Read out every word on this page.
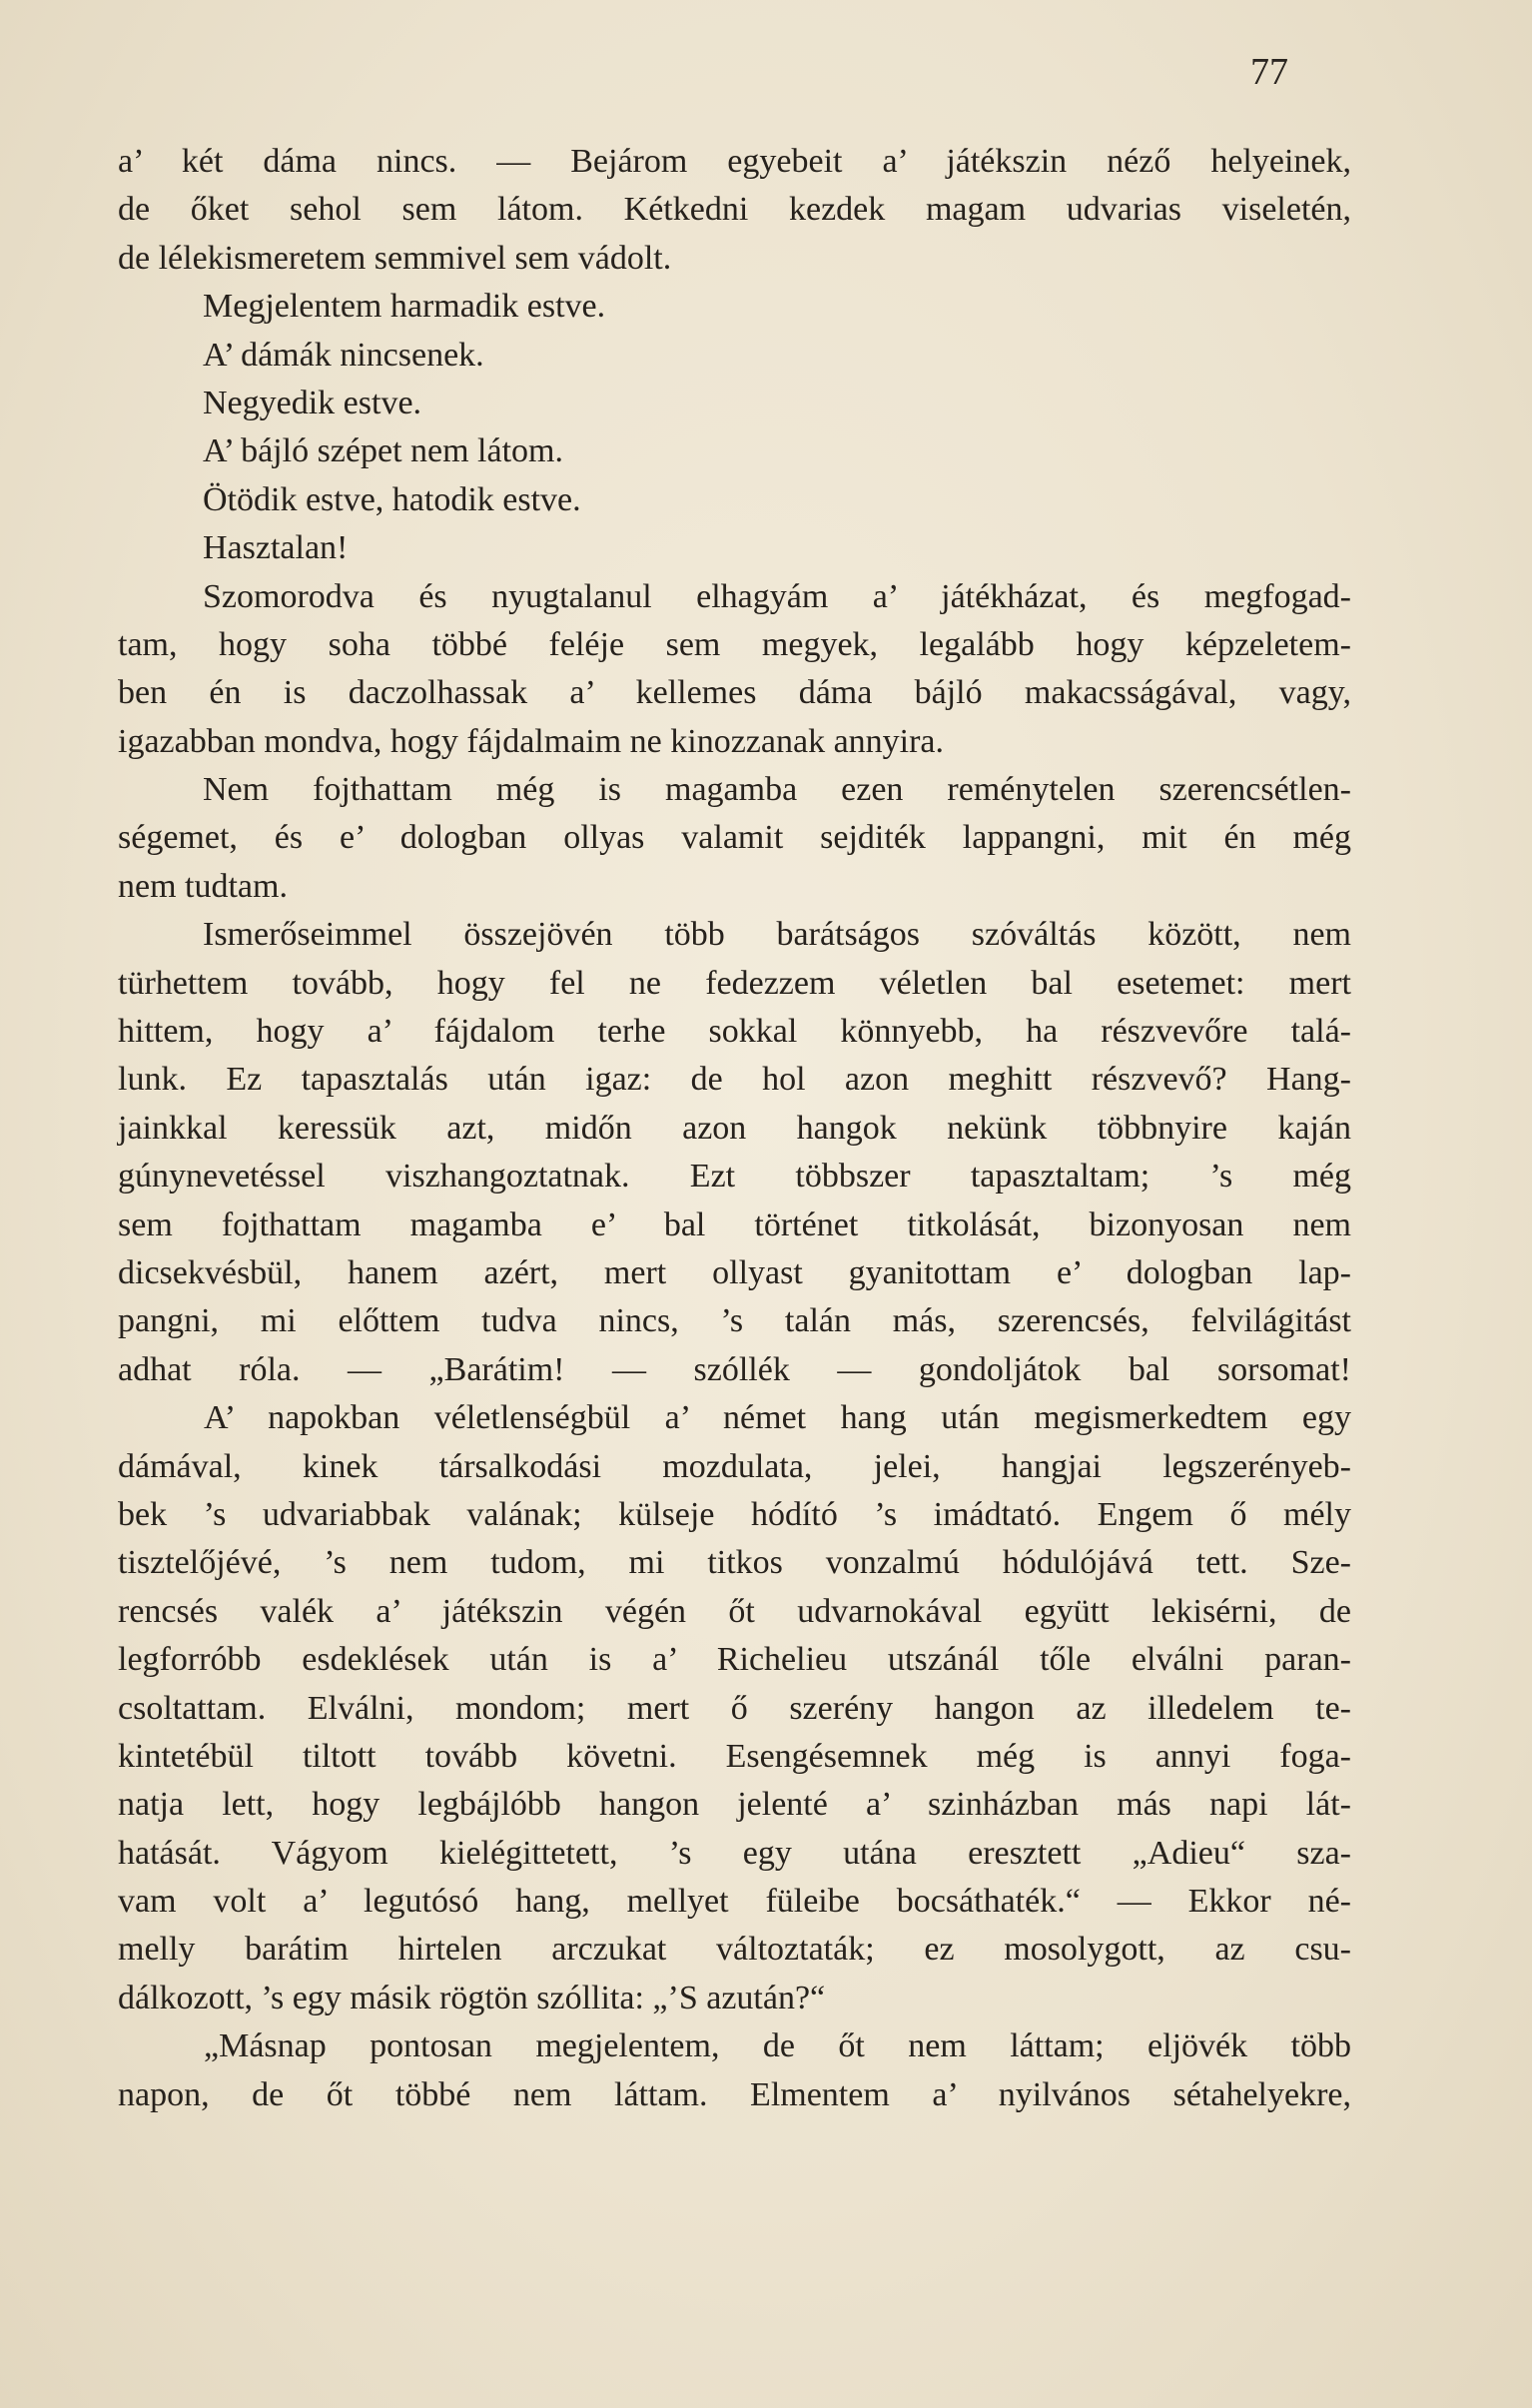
77
a’ két dáma nincs. — Bejárom egyebeit a’ játékszin néző helyeinek,
de őket sehol sem látom. Kétkedni kezdek magam udvarias viseletén,
de lélekismeretem semmivel sem vádolt.
Megjelentem harmadik estve.
A’ dámák nincsenek.
Negyedik estve.
A’ bájló szépet nem látom.
Ötödik estve, hatodik estve.
Hasztalan!
Szomorodva és nyugtalanul elhagyám a’ játékházat, és megfogad-
tam, hogy soha többé feléje sem megyek, legalább hogy képzeletem-
ben én is daczolhassak a’ kellemes dáma bájló makacsságával, vagy,
igazabban mondva, hogy fájdalmaim ne kinozzanak annyira.
Nem fojthattam még is magamba ezen reménytelen szerencsétlen-
ségemet, és e’ dologban ollyas valamit sejditék lappangni, mit én még
nem tudtam.
Ismerőseimmel összejövén több barátságos szóváltás között, nem
türhettem tovább, hogy fel ne fedezzem véletlen bal esetemet: mert
hittem, hogy a’ fájdalom terhe sokkal könnyebb, ha részvevőre talá-
lunk. Ez tapasztalás után igaz: de hol azon meghitt részvevő? Hang-
jainkkal keressük azt, midőn azon hangok nekünk többnyire kaján
gúnynevetéssel viszhangoztatnak. Ezt többszer tapasztaltam; ’s még
sem fojthattam magamba e’ bal történet titkolását, bizonyosan nem
dicsekvésbül, hanem azért, mert ollyast gyanitottam e’ dologban lap-
pangni, mi előttem tudva nincs, ’s talán más, szerencsés, felvilágitást
adhat róla. — „Barátim! — szóllék — gondoljátok bal sorsomat!
A’ napokban véletlenségbül a’ német hang után megismerkedtem egy
dámával, kinek társalkodási mozdulata, jelei, hangjai legszerényeb-
bek ’s udvariabbak valának; külseje hódító ’s imádtató. Engem ő mély
tisztelőjévé, ’s nem tudom, mi titkos vonzalmú hódulójává tett. Sze-
rencsés valék a’ játékszin végén őt udvarnokával együtt lekisérni, de
legforróbb esdeklések után is a’ Richelieu utszánál tőle elválni paran-
csoltattam. Elválni, mondom; mert ő szerény hangon az illedelem te-
kintetébül tiltott tovább követni. Esengésemnek még is annyi foga-
natja lett, hogy legbájlóbb hangon jelenté a’ szinházban más napi lát-
hatását. Vágyom kielégittetett, ’s egy utána eresztett „Adieu“ sza-
vam volt a’ legutósó hang, mellyet füleibe bocsáthaték.“ — Ekkor né-
melly barátim hirtelen arczukat változtaták; ez mosolygott, az csu-
dálkozott, ’s egy másik rögtön szóllita: „’S azután?“
„Másnap pontosan megjelentem, de őt nem láttam; eljövék több
napon, de őt többé nem láttam. Elmentem a’ nyilvános sétahelyekre,
